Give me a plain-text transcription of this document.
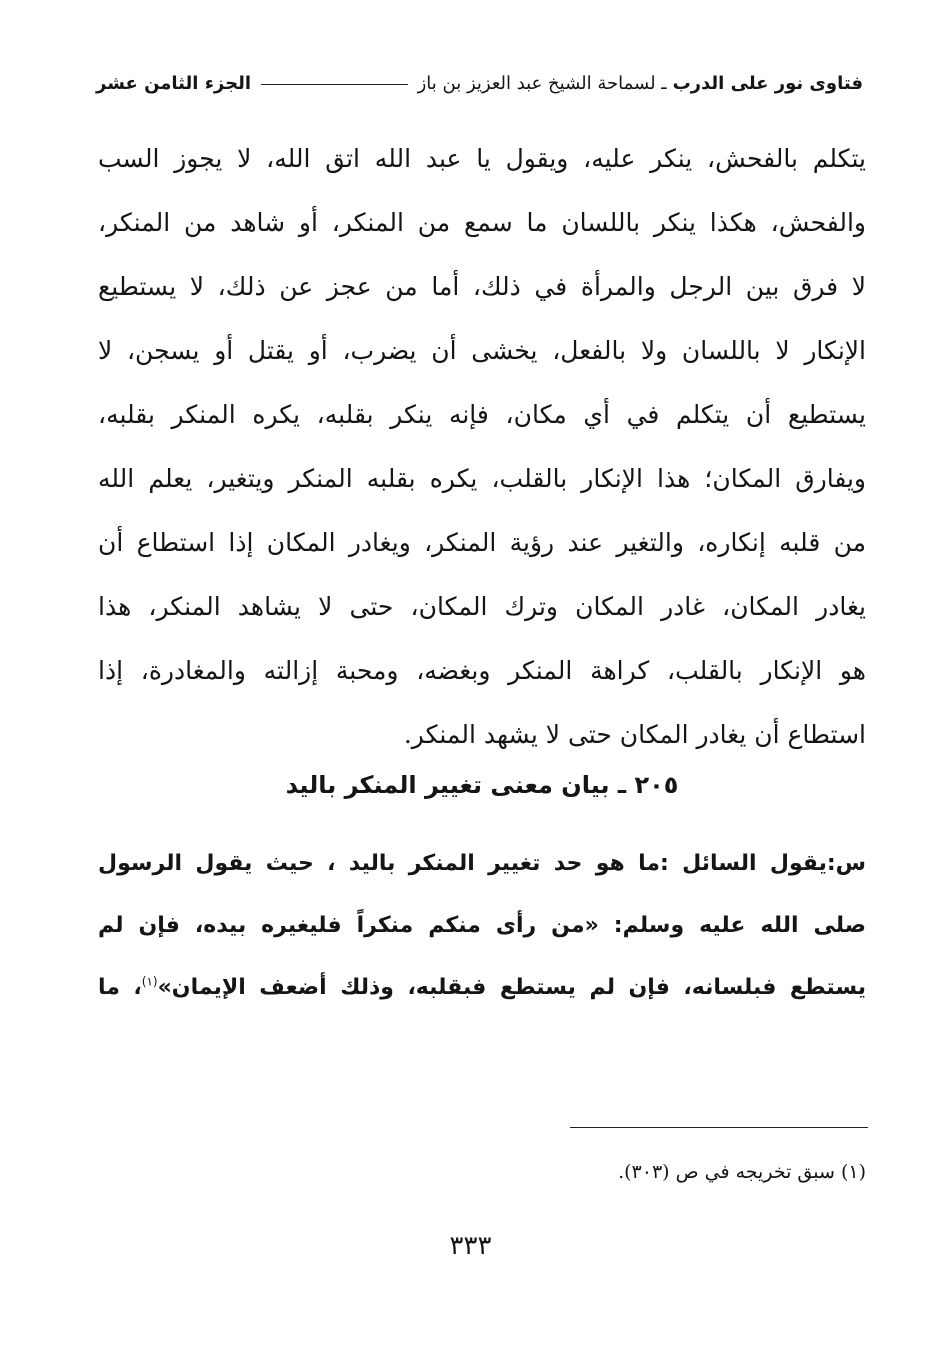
فتاوى نور على الدرب
ـ لسماحة الشيخ عبد العزيز بن باز
الجزء الثامن عشر
يتكلم بالفحش، ينكر عليه، ويقول يا عبد الله اتق الله، لا يجوز السب
والفحش، هكذا ينكر باللسان ما سمع من المنكر، أو شاهد من المنكر،
لا فرق بين الرجل والمرأة في ذلك، أما من عجز عن ذلك، لا يستطيع
الإنكار لا باللسان ولا بالفعل، يخشى أن يضرب، أو يقتل أو يسجن، لا
يستطيع أن يتكلم في أي مكان، فإنه ينكر بقلبه، يكره المنكر بقلبه،
ويفارق المكان؛ هذا الإنكار بالقلب، يكره بقلبه المنكر ويتغير، يعلم الله
من قلبه إنكاره، والتغير عند رؤية المنكر، ويغادر المكان إذا استطاع أن
يغادر المكان، غادر المكان وترك المكان، حتى لا يشاهد المنكر، هذا
هو الإنكار بالقلب، كراهة المنكر وبغضه، ومحبة إزالته والمغادرة، إذا
استطاع أن يغادر المكان حتى لا يشهد المنكر.
٢٠٥ ـ بيان معنى تغيير المنكر باليد
س:يقول السائل :ما هو حد تغيير المنكر باليد ، حيث يقول الرسول
صلى الله عليه وسلم: «من رأى منكم منكراً فليغيره بيده، فإن لم
يستطع فبلسانه، فإن لم يستطع فبقلبه، وذلك أضعف الإيمان»$^{(١)}$، ما
(١) سبق تخريجه في ص (٣٠٣).
٣٣٣
